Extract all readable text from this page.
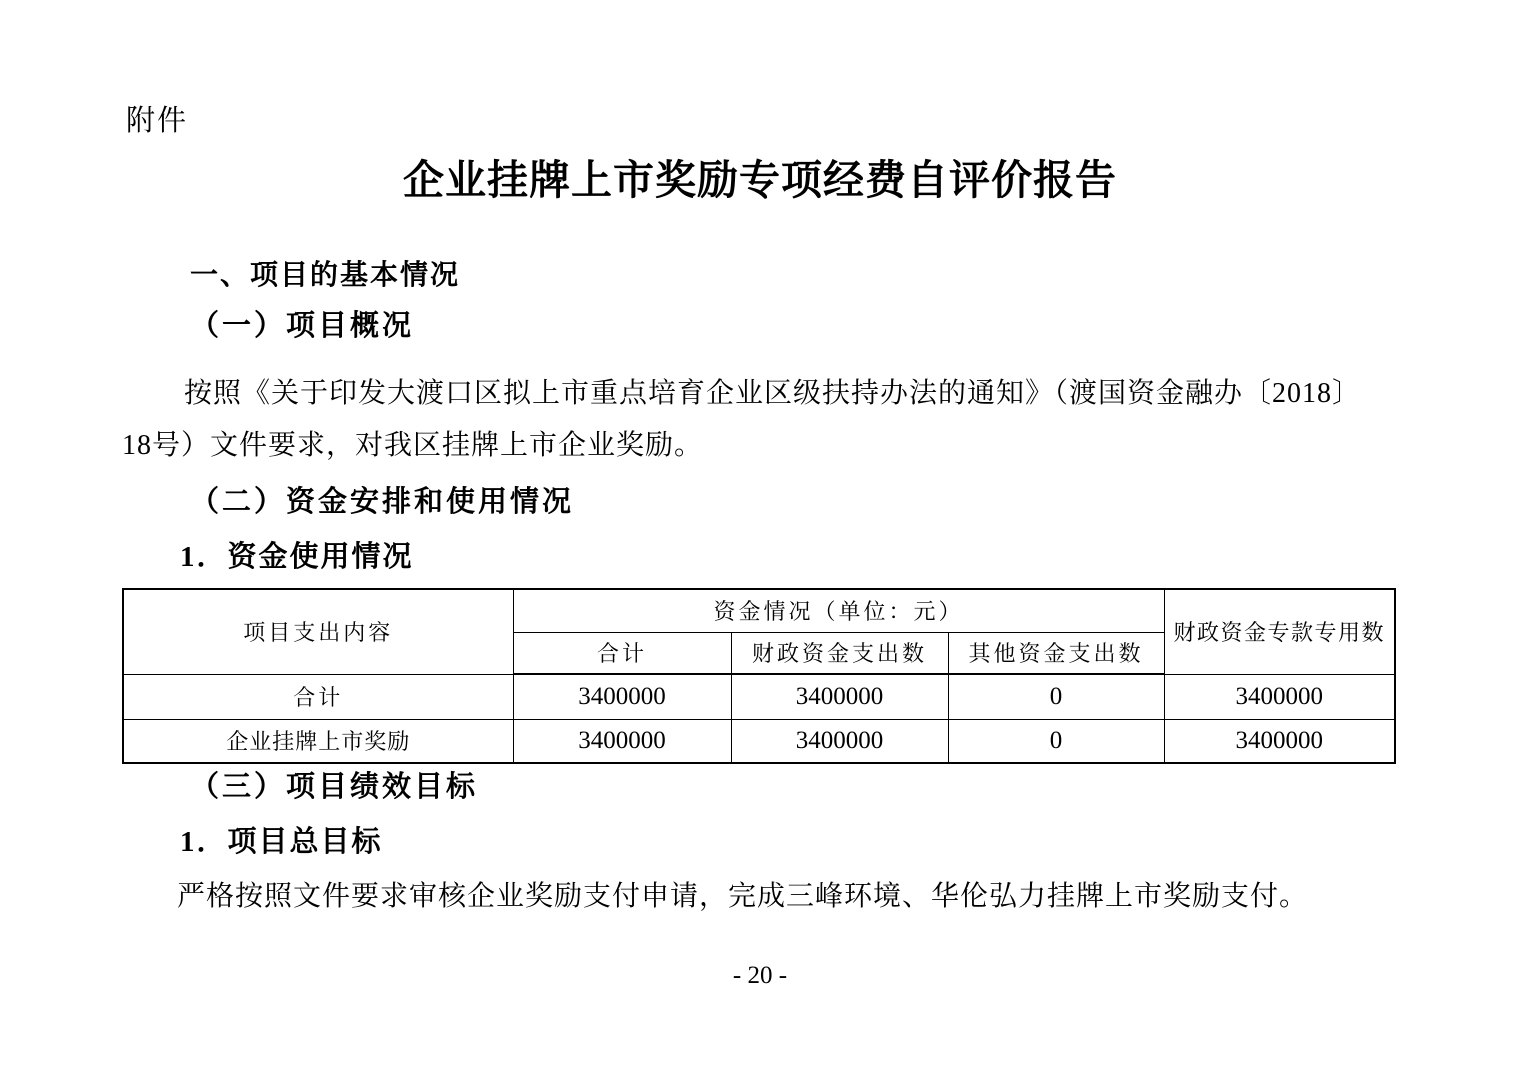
附件
企业挂牌上市奖励专项经费自评价报告
一、项目的基本情况
（一）项目概况
按照《关于印发大渡口区拟上市重点培育企业区级扶持办法的通知》（渡国资金融办〔2018〕
18号）文件要求，对我区挂牌上市企业奖励。
（二）资金安排和使用情况
1．资金使用情况
项目支出内容	资金情况（单位：元）			财政资金专款专用数
	合计	财政资金支出数	其他资金支出数	
合计	3400000	3400000	0	3400000
企业挂牌上市奖励	3400000	3400000	0	3400000
（三）项目绩效目标
1．项目总目标
严格按照文件要求审核企业奖励支付申请，完成三峰环境、华伦弘力挂牌上市奖励支付。
- 20 -
